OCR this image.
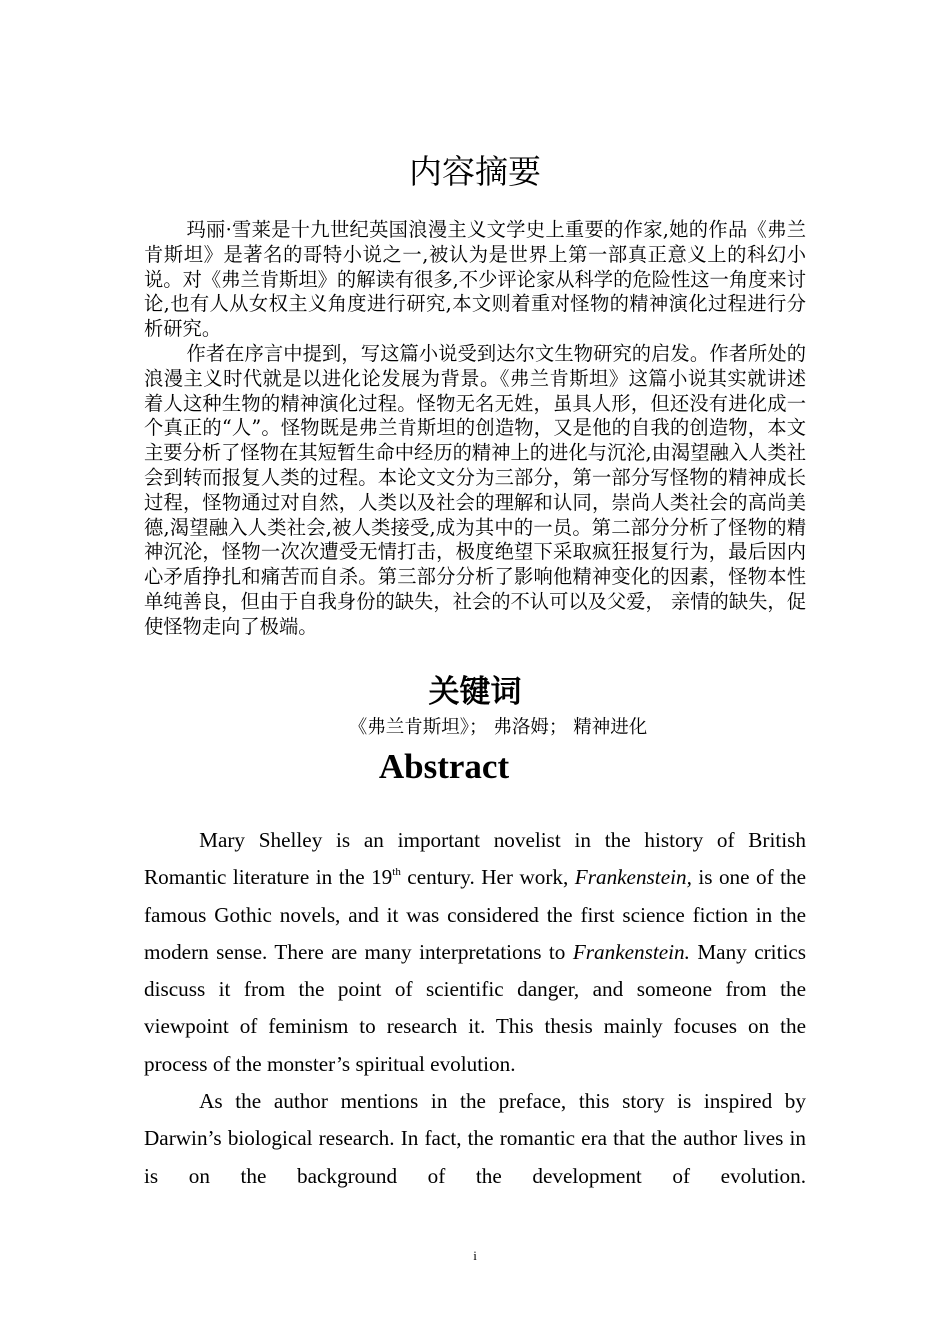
内容摘要

玛丽·雪莱是十九世纪英国浪漫主义文学史上重要的作家,她的作品《弗兰肯斯坦》是著名的哥特小说之一,被认为是世界上第一部真正意义上的科幻小说。对《弗兰肯斯坦》的解读有很多,不少评论家从科学的危险性这一角度来讨论,也有人从女权主义角度进行研究,本文则着重对怪物的精神演化过程进行分析研究。

作者在序言中提到，写这篇小说受到达尔文生物研究的启发。作者所处的浪漫主义时代就是以进化论发展为背景。《弗兰肯斯坦》这篇小说其实就讲述着人这种生物的精神演化过程。怪物无名无姓，虽具人形，但还没有进化成一个真正的“人”。怪物既是弗兰肯斯坦的创造物，又是他的自我的创造物，本文主要分析了怪物在其短暂生命中经历的精神上的进化与沉沦,由渴望融入人类社会到转而报复人类的过程。本论文文分为三部分，第一部分写怪物的精神成长过程，怪物通过对自然，人类以及社会的理解和认同，崇尚人类社会的高尚美德,渴望融入人类社会,被人类接受,成为其中的一员。第二部分分析了怪物的精神沉沦，怪物一次次遭受无情打击，极度绝望下采取疯狂报复行为，最后因内心矛盾挣扎和痛苦而自杀。第三部分分析了影响他精神变化的因素，怪物本性单纯善良，但由于自我身份的缺失，社会的不认可以及父爱， 亲情的缺失，促使怪物走向了极端。

关键词
《弗兰肯斯坦》； 弗洛姆； 精神进化
Abstract

Mary Shelley is an important novelist in the history of British Romantic literature in the 19th century. Her work, Frankenstein, is one of the famous Gothic novels, and it was considered the first science fiction in the modern sense. There are many interpretations to Frankenstein. Many critics discuss it from the point of scientific danger, and someone from the viewpoint of feminism to research it. This thesis mainly focuses on the process of the monster’s spiritual evolution.

As the author mentions in the preface, this story is inspired by Darwin’s biological research. In fact, the romantic era that the author lives in is on the background of the development of evolution.

i
